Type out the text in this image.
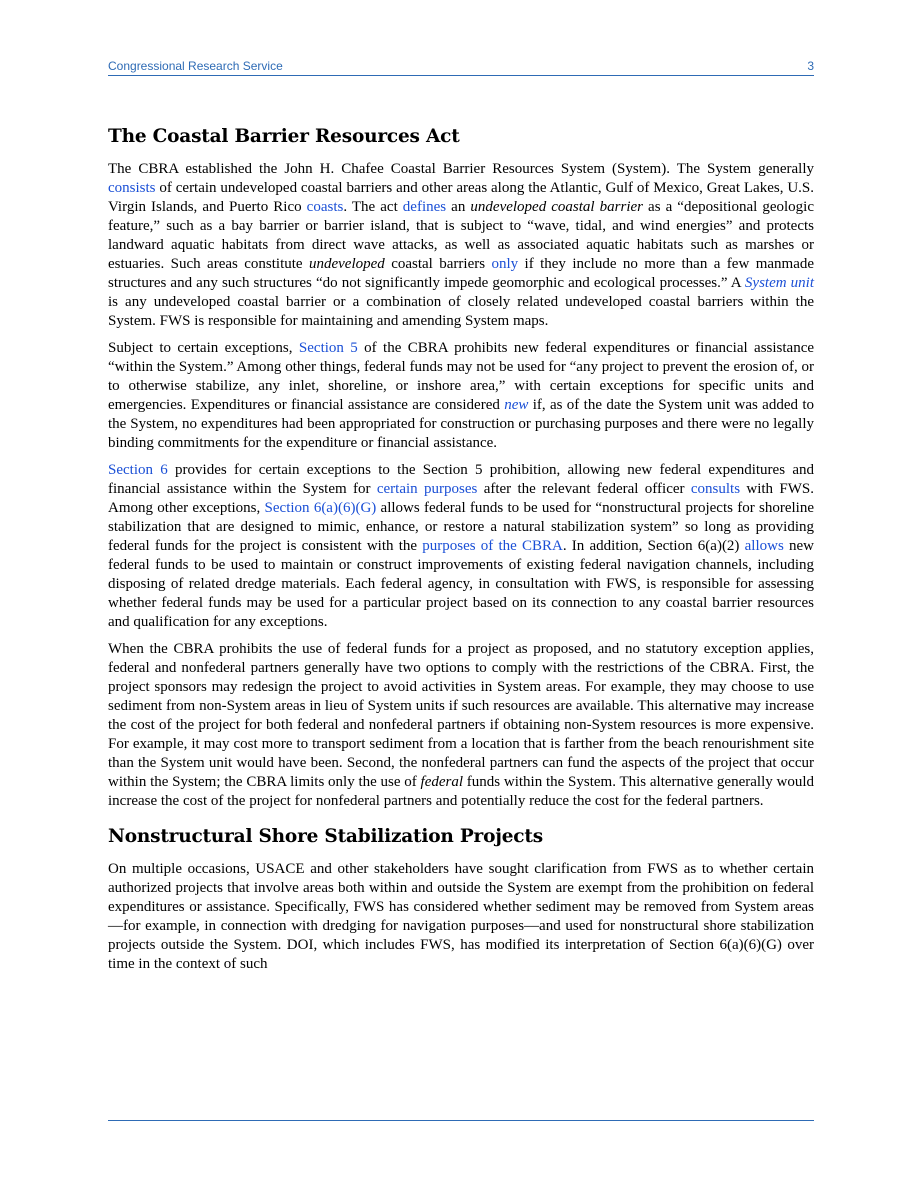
Congressional Research Service	3
The Coastal Barrier Resources Act

The CBRA established the John H. Chafee Coastal Barrier Resources System (System). The System generally consists of certain undeveloped coastal barriers and other areas along the Atlantic, Gulf of Mexico, Great Lakes, U.S. Virgin Islands, and Puerto Rico coasts. The act defines an undeveloped coastal barrier as a “depositional geologic feature,” such as a bay barrier or barrier island, that is subject to “wave, tidal, and wind energies” and protects landward aquatic habitats from direct wave attacks, as well as associated aquatic habitats such as marshes or estuaries. Such areas constitute undeveloped coastal barriers only if they include no more than a few manmade structures and any such structures “do not significantly impede geomorphic and ecological processes.” A System unit is any undeveloped coastal barrier or a combination of closely related undeveloped coastal barriers within the System. FWS is responsible for maintaining and amending System maps.

Subject to certain exceptions, Section 5 of the CBRA prohibits new federal expenditures or financial assistance “within the System.” Among other things, federal funds may not be used for “any project to prevent the erosion of, or to otherwise stabilize, any inlet, shoreline, or inshore area,” with certain exceptions for specific units and emergencies. Expenditures or financial assistance are considered new if, as of the date the System unit was added to the System, no expenditures had been appropriated for construction or purchasing purposes and there were no legally binding commitments for the expenditure or financial assistance.

Section 6 provides for certain exceptions to the Section 5 prohibition, allowing new federal expenditures and financial assistance within the System for certain purposes after the relevant federal officer consults with FWS. Among other exceptions, Section 6(a)(6)(G) allows federal funds to be used for “nonstructural projects for shoreline stabilization that are designed to mimic, enhance, or restore a natural stabilization system” so long as providing federal funds for the project is consistent with the purposes of the CBRA. In addition, Section 6(a)(2) allows new federal funds to be used to maintain or construct improvements of existing federal navigation channels, including disposing of related dredge materials. Each federal agency, in consultation with FWS, is responsible for assessing whether federal funds may be used for a particular project based on its connection to any coastal barrier resources and qualification for any exceptions.

When the CBRA prohibits the use of federal funds for a project as proposed, and no statutory exception applies, federal and nonfederal partners generally have two options to comply with the restrictions of the CBRA. First, the project sponsors may redesign the project to avoid activities in System areas. For example, they may choose to use sediment from non-System areas in lieu of System units if such resources are available. This alternative may increase the cost of the project for both federal and nonfederal partners if obtaining non-System resources is more expensive. For example, it may cost more to transport sediment from a location that is farther from the beach renourishment site than the System unit would have been. Second, the nonfederal partners can fund the aspects of the project that occur within the System; the CBRA limits only the use of federal funds within the System. This alternative generally would increase the cost of the project for nonfederal partners and potentially reduce the cost for the federal partners.

Nonstructural Shore Stabilization Projects

On multiple occasions, USACE and other stakeholders have sought clarification from FWS as to whether certain authorized projects that involve areas both within and outside the System are exempt from the prohibition on federal expenditures or assistance. Specifically, FWS has considered whether sediment may be removed from System areas—for example, in connection with dredging for navigation purposes—and used for nonstructural shore stabilization projects outside the System. DOI, which includes FWS, has modified its interpretation of Section 6(a)(6)(G) over time in the context of such
